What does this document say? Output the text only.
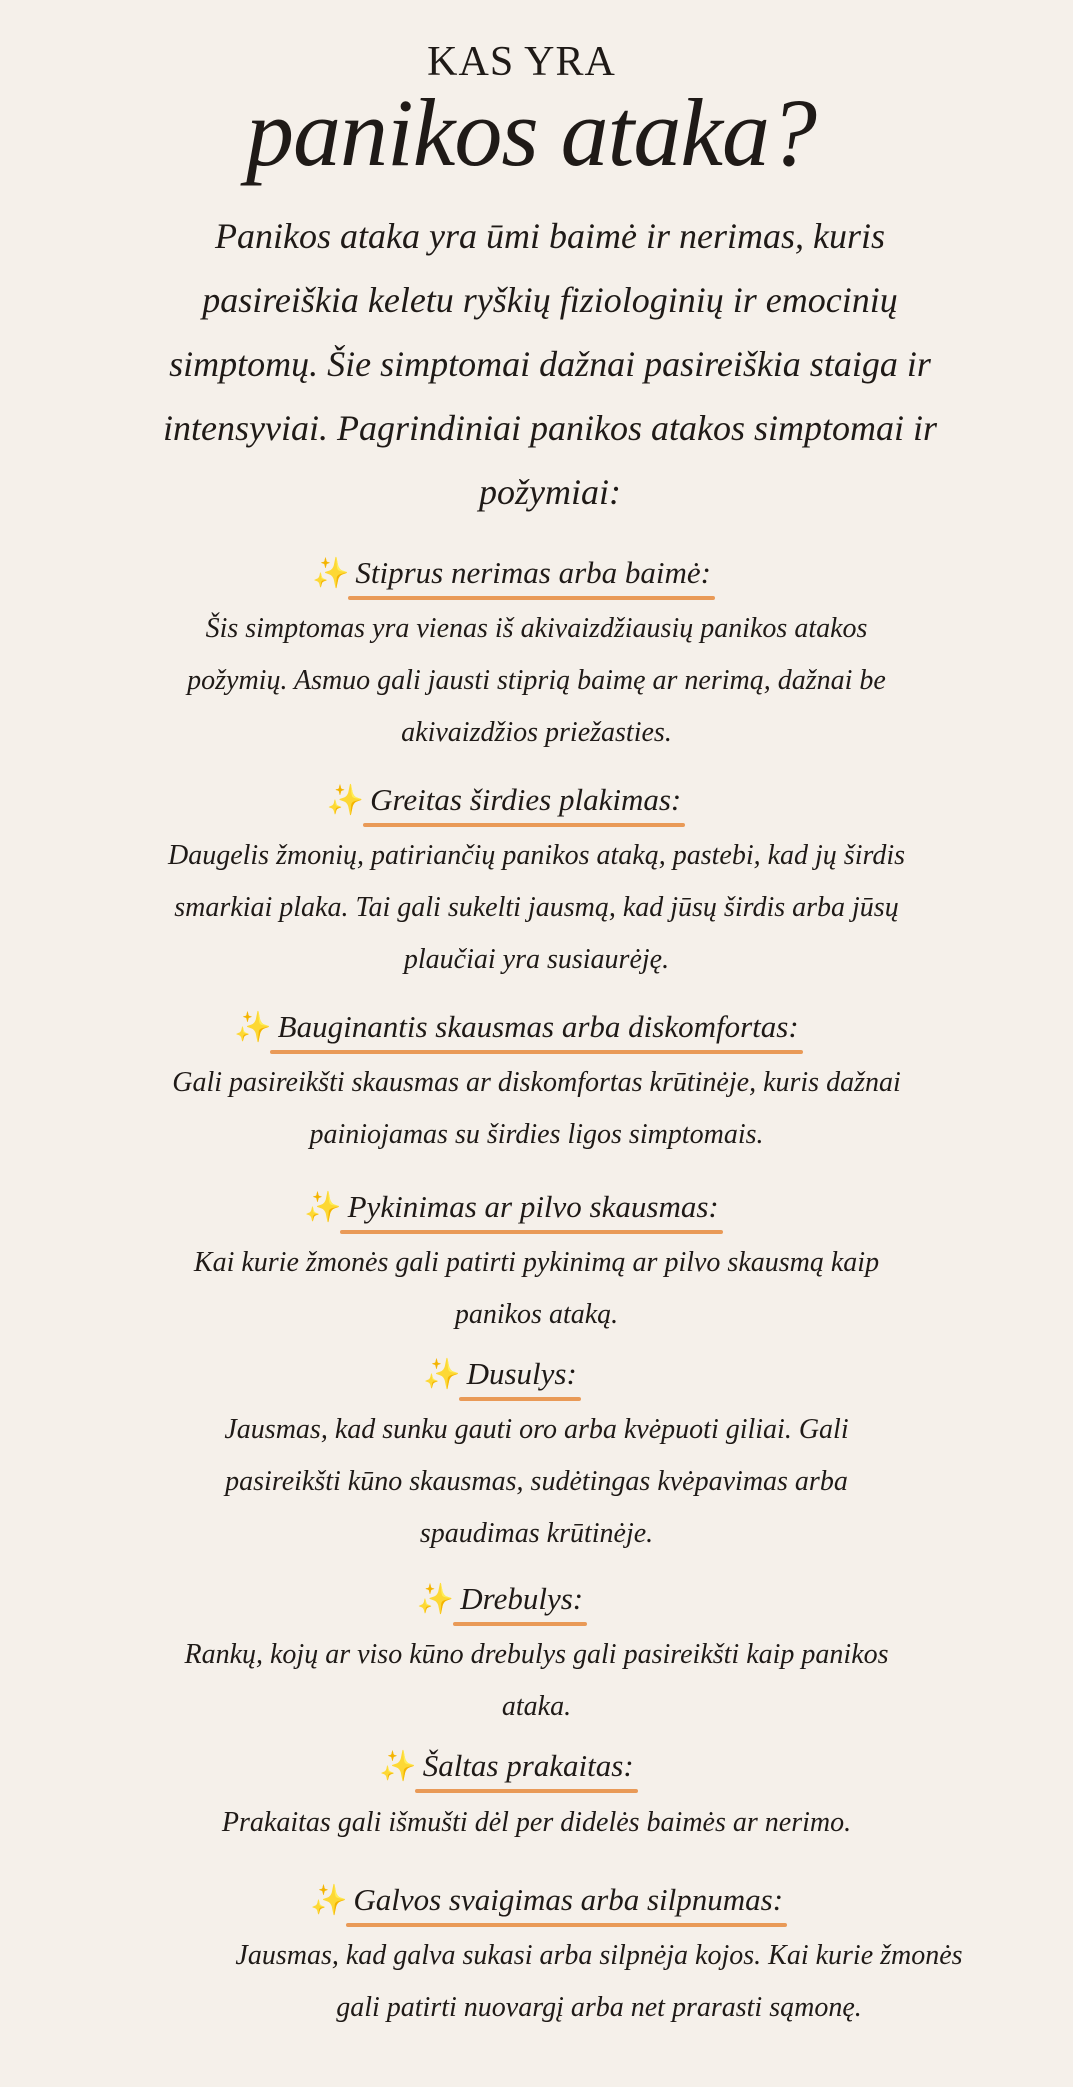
KAS YRA
panikos ataka?
Panikos ataka yra ūmi baimė ir nerimas, kuris pasireiškia keletu ryškių fiziologinių ir emocinių simptomų. Šie simptomai dažnai pasireiškia staiga ir intensyviai. Pagrindiniai panikos atakos simptomai ir požymiai:
✨ Stiprus nerimas arba baimė:
Šis simptomas yra vienas iš akivaizdžiausių panikos atakos požymių. Asmuo gali jausti stiprią baimę ar nerimą, dažnai be akivaizdžios priežasties.
✨ Greitas širdies plakimas:
Daugelis žmonių, patiriančių panikos ataką, pastebi, kad jų širdis smarkiai plaka. Tai gali sukelti jausmą, kad jūsų širdis arba jūsų plaučiai yra susiaurėję.
✨ Bauginantis skausmas arba diskomfortas:
Gali pasireikšti skausmas ar diskomfortas krūtinėje, kuris dažnai painiojamas su širdies ligos simptomais.
✨ Pykinimas ar pilvo skausmas:
Kai kurie žmonės gali patirti pykinimą ar pilvo skausmą kaip panikos ataką.
✨ Dusulys:
Jausmas, kad sunku gauti oro arba kvėpuoti giliai. Gali pasireikšti kūno skausmas, sudėtingas kvėpavimas arba spaudimas krūtinėje.
✨ Drebulys:
Rankų, kojų ar viso kūno drebulys gali pasireikšti kaip panikos ataka.
✨ Šaltas prakaitas:
Prakaitas gali išmušti dėl per didelės baimės ar nerimo.
✨ Galvos svaigimas arba silpnumas:
Jausmas, kad galva sukasi arba silpnėja kojos. Kai kurie žmonės gali patirti nuovargį arba net prarasti sąmonę.
